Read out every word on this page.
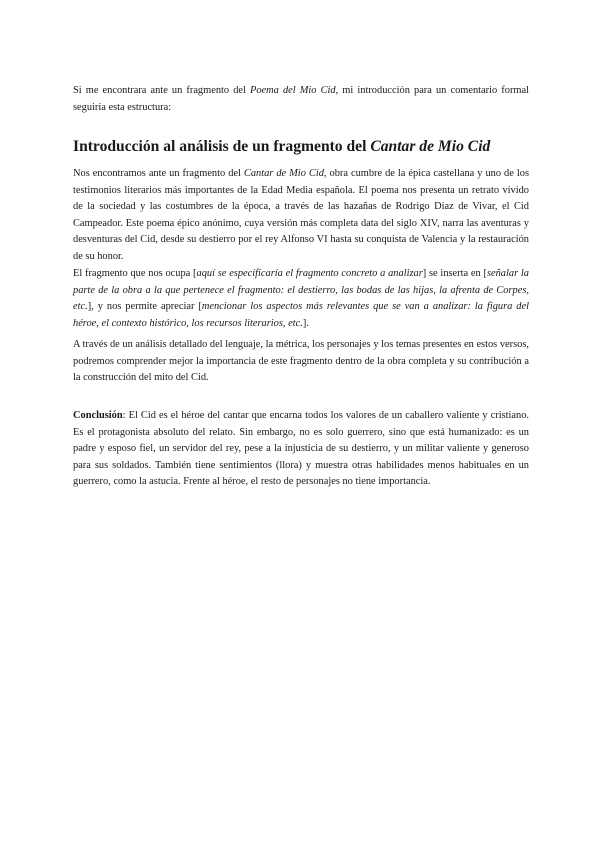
Si me encontrara ante un fragmento del Poema del Mio Cid, mi introducción para un comentario formal seguiría esta estructura:

Introducción al análisis de un fragmento del Cantar de Mio Cid

Nos encontramos ante un fragmento del Cantar de Mio Cid, obra cumbre de la épica castellana y uno de los testimonios literarios más importantes de la Edad Media española. El poema nos presenta un retrato vívido de la sociedad y las costumbres de la época, a través de las hazañas de Rodrigo Díaz de Vivar, el Cid Campeador. Este poema épico anónimo, cuya versión más completa data del siglo XIV, narra las aventuras y desventuras del Cid, desde su destierro por el rey Alfonso VI hasta su conquista de Valencia y la restauración de su honor.

El fragmento que nos ocupa [aquí se especificaría el fragmento concreto a analizar] se inserta en [señalar la parte de la obra a la que pertenece el fragmento: el destierro, las bodas de las hijas, la afrenta de Corpes, etc.], y nos permite apreciar [mencionar los aspectos más relevantes que se van a analizar: la figura del héroe, el contexto histórico, los recursos literarios, etc.].

A través de un análisis detallado del lenguaje, la métrica, los personajes y los temas presentes en estos versos, podremos comprender mejor la importancia de este fragmento dentro de la obra completa y su contribución a la construcción del mito del Cid.

Conclusión: El Cid es el héroe del cantar que encarna todos los valores de un caballero valiente y cristiano. Es el protagonista absoluto del relato. Sin embargo, no es solo guerrero, sino que está humanizado: es un padre y esposo fiel, un servidor del rey, pese a la injusticia de su destierro, y un militar valiente y generoso para sus soldados. También tiene sentimientos (llora) y muestra otras habilidades menos habituales en un guerrero, como la astucia. Frente al héroe, el resto de personajes no tiene importancia.
